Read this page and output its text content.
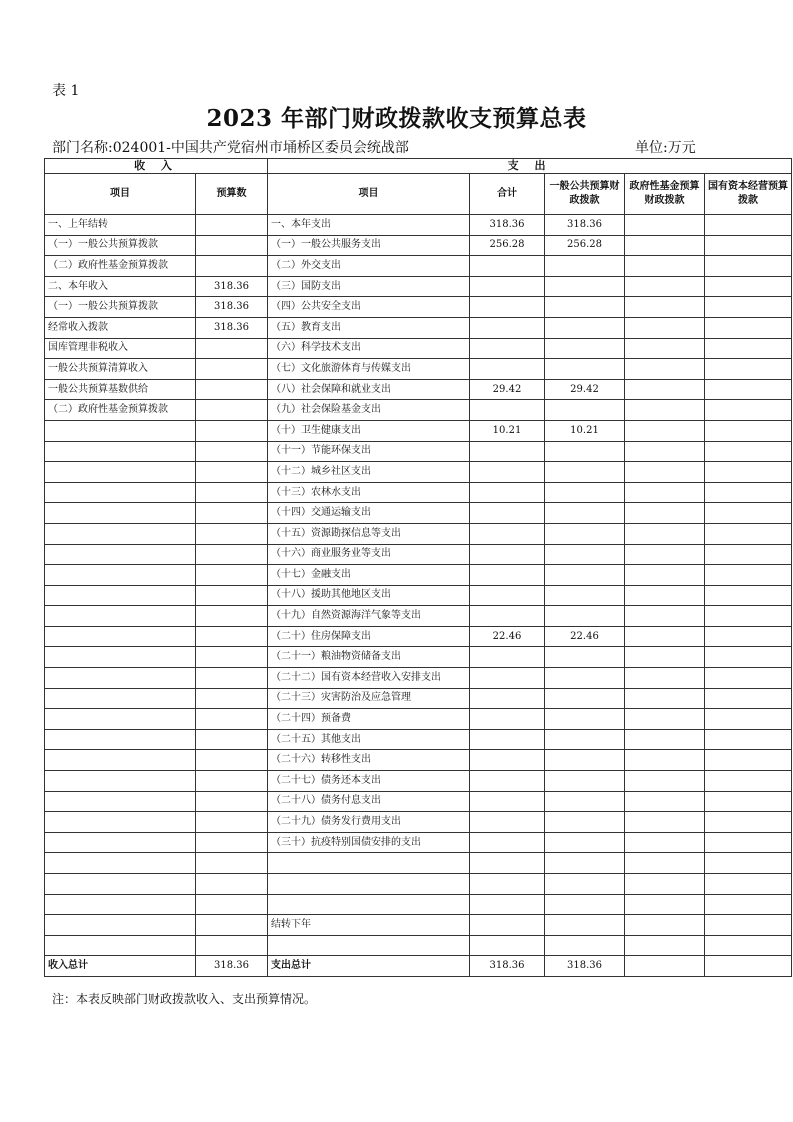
表 1
2023 年部门财政拨款收支预算总表
部门名称:024001-中国共产党宿州市埇桥区委员会统战部	单位:万元
收 入		支 出				
项目	预算数	项目	合计	一般公共预算财政拨款	政府性基金预算财政拨款	国有资本经营预算拨款
一、上年结转		一、本年支出	318.36	318.36		
（一）一般公共预算拨款		（一）一般公共服务支出	256.28	256.28		
（二）政府性基金预算拨款		（二）外交支出				
二、本年收入	318.36	（三）国防支出				
（一）一般公共预算拨款	318.36	（四）公共安全支出				
经常收入拨款	318.36	（五）教育支出				
国库管理非税收入		（六）科学技术支出				
一般公共预算清算收入		（七）文化旅游体育与传媒支出				
一般公共预算基数供给		（八）社会保障和就业支出	29.42	29.42		
（二）政府性基金预算拨款		（九）社会保险基金支出				
		（十）卫生健康支出	10.21	10.21		
		（十一）节能环保支出				
		（十二）城乡社区支出				
		（十三）农林水支出				
		（十四）交通运输支出				
		（十五）资源勘探信息等支出				
		（十六）商业服务业等支出				
		（十七）金融支出				
		（十八）援助其他地区支出				
		（十九）自然资源海洋气象等支出				
		（二十）住房保障支出	22.46	22.46		
		（二十一）粮油物资储备支出				
		（二十二）国有资本经营收入安排支出				
		（二十三）灾害防治及应急管理				
		（二十四）预备费				
		（二十五）其他支出				
		（二十六）转移性支出				
		（二十七）债务还本支出				
		（二十八）债务付息支出				
		（二十九）债务发行费用支出				
		（三十）抗疫特别国债安排的支出				

		结转下年				

收入总计	318.36	支出总计	318.36	318.36		
注：本表反映部门财政拨款收入、支出预算情况。
